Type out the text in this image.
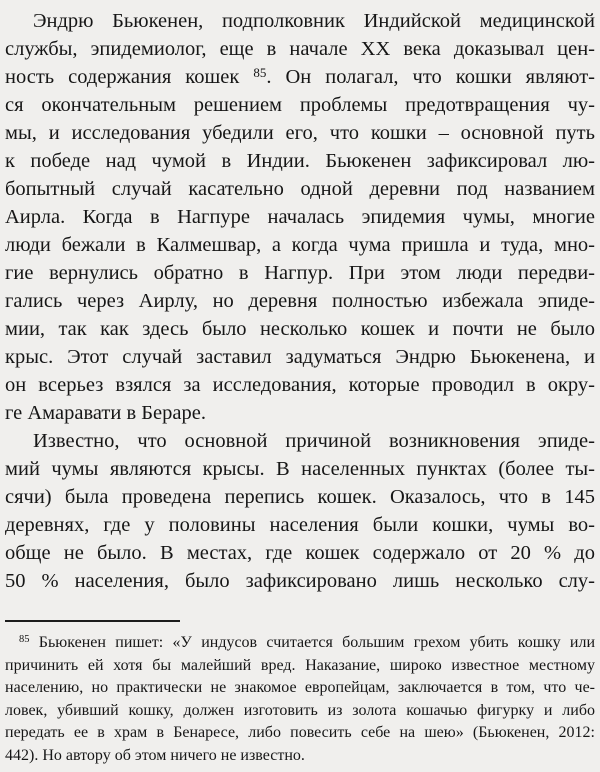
Эндрю Бьюкенен, подполковник Индийской медицинской
службы, эпидемиолог, еще в начале XX века доказывал цен-
ность содержания кошек $^{85}$. Он полагал, что кошки являют-
ся окончательным решением проблемы предотвращения чу-
мы, и исследования убедили его, что кошки – основной путь
к победе над чумой в Индии. Бьюкенен зафиксировал лю-
бопытный случай касательно одной деревни под названием
Аирла. Когда в Нагпуре началась эпидемия чумы, многие
люди бежали в Калмешвар, а когда чума пришла и туда, мно-
гие вернулись обратно в Нагпур. При этом люди передви-
гались через Аирлу, но деревня полностью избежала эпиде-
мии, так как здесь было несколько кошек и почти не было
крыс. Этот случай заставил задуматься Эндрю Бьюкенена, и
он всерьез взялся за исследования, которые проводил в окру-
ге Амаравати в Бераре.
Известно, что основной причиной возникновения эпиде-
мий чумы являются крысы. В населенных пунктах (более ты-
сячи) была проведена перепись кошек. Оказалось, что в 145
деревнях, где у половины населения были кошки, чумы во-
обще не было. В местах, где кошек содержало от 20 % до
50 % населения, было зафиксировано лишь несколько слу-
$^{85}$ Бьюкенен пишет: «У индусов считается большим грехом убить кошку или
причинить ей хотя бы малейший вред. Наказание, широко известное местному
населению, но практически не знакомое европейцам, заключается в том, что че-
ловек, убивший кошку, должен изготовить из золота кошачью фигурку и либо
передать ее в храм в Бенаресе, либо повесить себе на шею» (Бьюкенен, 2012:
442). Но автору об этом ничего не известно.
